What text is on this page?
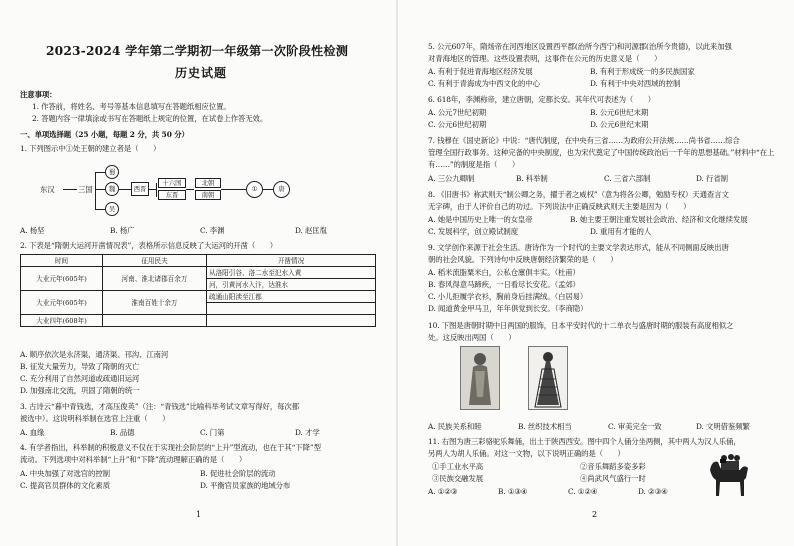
2023-2024 学年第二学期初一年级第一次阶段性检测
历史试题
注意事项：
1. 作答前，将姓名、考号等基本信息填写在答题纸相应位置。
2. 答题内容一律填涂或书写在答题纸上规定的位置，在试卷上作答无效。
一、单项选择题（25 小题，每题 2 分，共 50 分）
1. 下列图示中①处王朝的建立者是（　　）
东汉	三国
蜀
魏
吴
西晋
十六国
东晋
北朝
南朝
①	唐
A. 杨坚	B. 杨广	C. 李渊	D. 赵匡胤
2. 下表是“隋朝大运河开凿情况表”，表格所示信息反映了大运河的开凿（　　）
时间	征用民夫	开凿情况
大业元年(605年)	河南、淮北诸郡百余万	从洛阳引谷、洛二水至汜水入黄
		河，引黄河水入汴，达淮水
大业元年(605年)	淮南百姓十余万	疏通山阳渎至江都

大业四年(608年)		
A. 顺序依次是永济渠、通济渠、邗沟、江南河
B. 征发大量劳力，导致了隋朝的灭亡
C. 充分利用了自然河道或疏通旧运河
D. 加强南北交流，巩固了隋朝的统一
3. 古诗云“暮中青钱选，才高压俊英”（注：“青钱选”比喻科举考试文章写得好，每次都
被选中）。这说明科举制在选官上注重（　　）
A. 血缘	B. 品德	C. 门第	D. 才学
4. 有学者指出，科举制的积极意义不仅在于实现社会阶层的“上升”型流动，也在于其“下降”型
流动。下列选项中对科举制“上升”和“下降”流动理解正确的是（　　）
A. 中央加强了对选官的控制	B. 促进社会阶层的流动
C. 提高官员群体的文化素质	D. 平衡官员家族的地域分布
1
5. 公元607年，隋炀帝在河西地区设置西平郡(治所今西宁)和河源郡(治所今贵德)，以此来加强
对青海地区的管理。这些设置表明，这事件在公元的历史意义是（　　）
A. 有利于促进青海地区经济发展	B. 有利于形成统一的多民族国家
C. 有利于青海成为中西文化的中心	D. 有利于中央对西域的控制
6. 618年，李渊称帝，建立唐朝，定都长安。其年代可表述为（　　）
A. 公元7世纪初期	B. 公元6世纪末期
C. 公元6世纪初期	D. 公元6世纪末期
7. 钱穆在《国史新论》中说：“唐代制度，在中央有三省……为政府公开法规……尚书省……综合
管理全国行政事务。这种完备的中央制度，也为宋代奠定了中国传统政治后一千年的思想基础。”材料中“在上
有……”的制度是指（　　）
A. 三公九卿制	B. 科举制	C. 三省六部制	D. 行省制
8. 《旧唐书》称武则天“制公卿之务，擢于者之威权”（意为将各公卿，勉励专权）天通查言文
无字碑，由于人评价自己的功过。下列说法中正确反映武则天主要是因为（　　）
A. 她是中国历史上唯一的女皇帝	B. 她主要王朝注重发展社会政治、经济和文化继续发展
C. 发展科学，创立殿试制度	D. 重用有才能的人
9. 文学创作来源于社会生活。唐诗作为一个时代的主要文学表达形式，能从不同侧面反映出唐
朝的社会风貌。下列诗句中反映唐朝经济繁荣的是（　　）
A. 稻米流脂粟米白，公私仓廪俱丰实。（杜甫）
B. 春风得意马蹄疾，一日看尽长安花。（孟郊）
C. 小儿拒履学衣衫，胸前身后挂满绒。（白居易）
D. 闻道黄金甲马卫，年年俱觉到长安。（李商隐）
10. 下图是唐朝时期中日两国的服饰，日本平安时代的十二单衣与盛唐时期的服装有高度相似之
处。这反映出两国（　　）
A. 民族关系和睦	B. 丝织技术相当	C. 审美完全一致	D. 文明借鉴频繁
11. 右图为唐三彩骆驼乐舞俑，出土于陕西西安。图中四个人俑分坐两侧，其中两人为汉人乐俑，
另两人为胡人乐俑。对这一文物，以下说明正确的是（　　）
①手工业水平高	②音乐舞蹈多姿多彩
③民族交融发展	④尚武风气盛行一时
A. ①②③	B. ①③④	C. ①②④	D. ②③④
2
